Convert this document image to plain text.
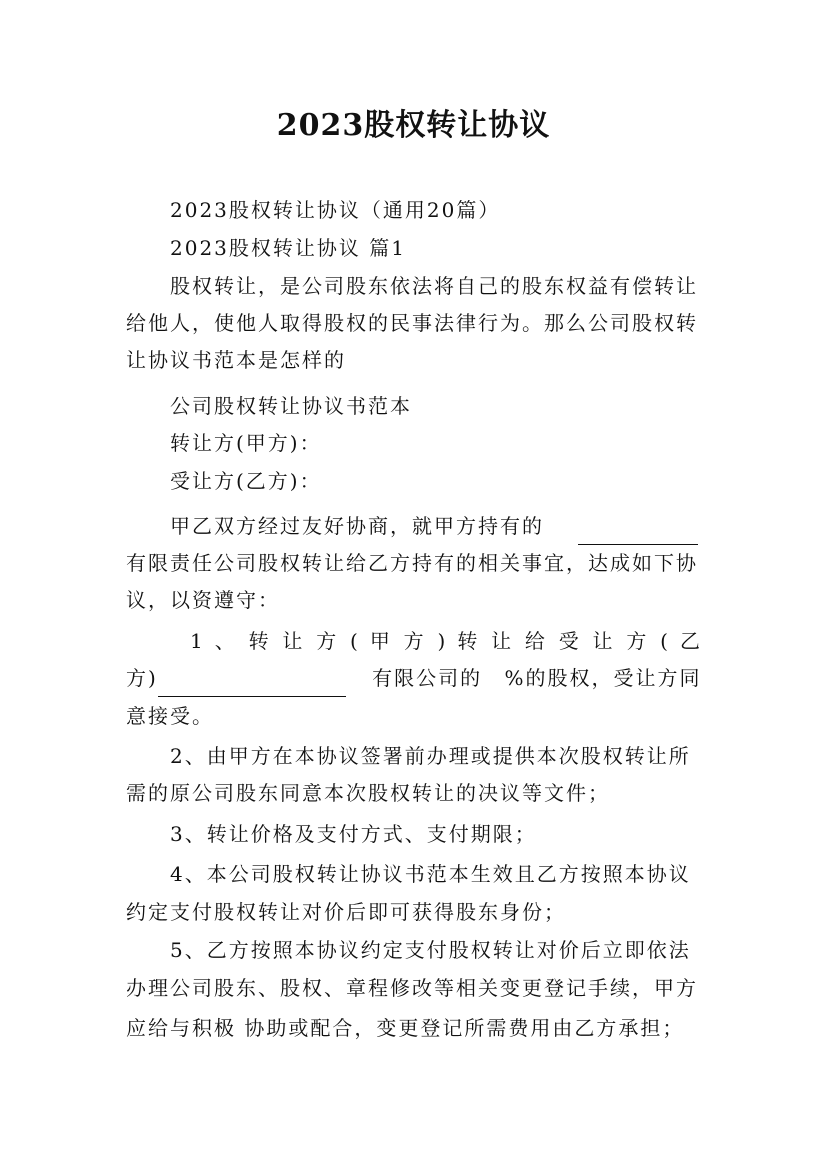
2023股权转让协议
2023股权转让协议（通用20篇）
2023股权转让协议 篇1
股权转让，是公司股东依法将自己的股东权益有偿转让
给他人，使他人取得股权的民事法律行为。那么公司股权转
让协议书范本是怎样的
公司股权转让协议书范本
转让方(甲方)：
受让方(乙方)：
甲乙双方经过友好协商，就甲方持有的
有限责任公司股权转让给乙方持有的相关事宜，达成如下协
议，以资遵守：
1 、 转 让 方 ( 甲 方 ) 转 让 给 受 让 方 ( 乙
方)	有限公司的 %的股权，受让方同
意接受。
2、由甲方在本协议签署前办理或提供本次股权转让所
需的原公司股东同意本次股权转让的决议等文件；
3、转让价格及支付方式、支付期限；
4、本公司股权转让协议书范本生效且乙方按照本协议
约定支付股权转让对价后即可获得股东身份；
5、乙方按照本协议约定支付股权转让对价后立即依法
办理公司股东、股权、章程修改等相关变更登记手续，甲方
应给与积极 协助或配合，变更登记所需费用由乙方承担；
